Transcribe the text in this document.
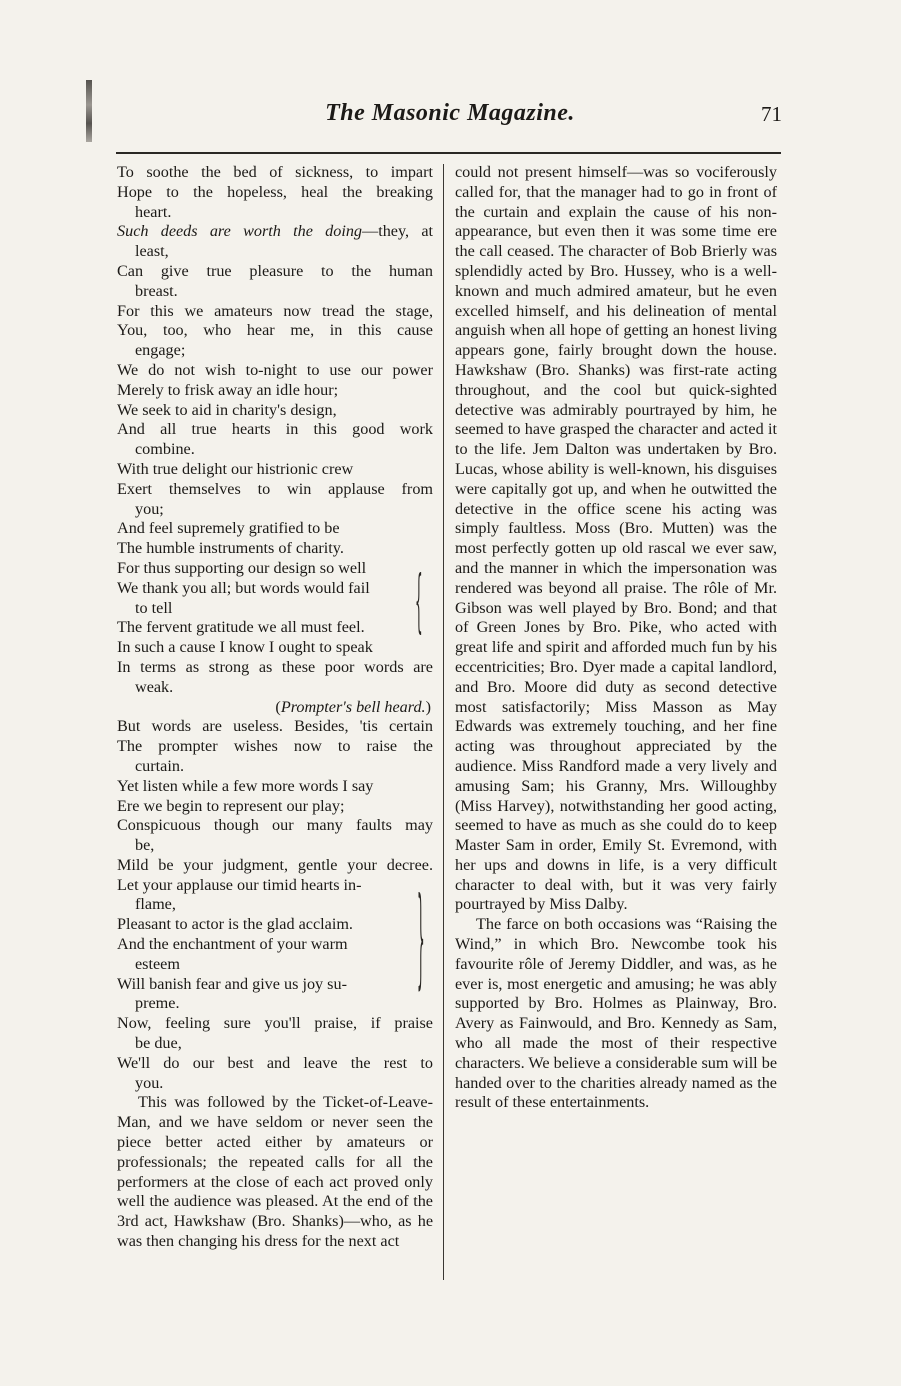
The Masonic Magazine.	71
To soothe the bed of sickness, to impart
Hope to the hopeless, heal the breaking
heart.
Such deeds are worth the doing—they, at
least,
Can give true pleasure to the human
breast.
For this we amateurs now tread the stage,
You, too, who hear me, in this cause
engage;
We do not wish to-night to use our power
Merely to frisk away an idle hour;
We seek to aid in charity's design,
And all true hearts in this good work
combine.
With true delight our histrionic crew
Exert themselves to win applause from
you;
And feel supremely gratified to be
The humble instruments of charity.
For thus supporting our design so well
We thank you all; but words would fail
to tell
The fervent gratitude we all must feel.
In such a cause I know I ought to speak
In terms as strong as these poor words are
weak.
(Prompter's bell heard.)
But words are useless. Besides, 'tis certain
The prompter wishes now to raise the
curtain.
Yet listen while a few more words I say
Ere we begin to represent our play;
Conspicuous though our many faults may
be,
Mild be your judgment, gentle your decree.
Let your applause our timid hearts in-
flame,
Pleasant to actor is the glad acclaim.
And the enchantment of your warm
esteem
Will banish fear and give us joy su-
preme.
Now, feeling sure you'll praise, if praise
be due,
We'll do our best and leave the rest to
you.

This was followed by the Ticket-of-Leave-Man, and we have seldom or never seen the piece better acted either by amateurs or professionals; the repeated calls for all the performers at the close of each act proved only well the audience was pleased. At the end of the 3rd act, Hawkshaw (Bro. Shanks)—who, as he was then changing his dress for the next act

{
}

could not present himself—was so vociferously called for, that the manager had to go in front of the curtain and explain the cause of his non-appearance, but even then it was some time ere the call ceased. The character of Bob Brierly was splendidly acted by Bro. Hussey, who is a well-known and much admired amateur, but he even excelled himself, and his delineation of mental anguish when all hope of getting an honest living appears gone, fairly brought down the house. Hawkshaw (Bro. Shanks) was first-rate acting throughout, and the cool but quick-sighted detective was admirably pourtrayed by him, he seemed to have grasped the character and acted it to the life. Jem Dalton was undertaken by Bro. Lucas, whose ability is well-known, his disguises were capitally got up, and when he outwitted the detective in the office scene his acting was simply faultless. Moss (Bro. Mutten) was the most perfectly gotten up old rascal we ever saw, and the manner in which the impersonation was rendered was beyond all praise. The rôle of Mr. Gibson was well played by Bro. Bond; and that of Green Jones by Bro. Pike, who acted with great life and spirit and afforded much fun by his eccentricities; Bro. Dyer made a capital landlord, and Bro. Moore did duty as second detective most satisfactorily; Miss Masson as May Edwards was extremely touching, and her fine acting was throughout appreciated by the audience. Miss Randford made a very lively and amusing Sam; his Granny, Mrs. Willoughby (Miss Harvey), notwithstanding her good acting, seemed to have as much as she could do to keep Master Sam in order, Emily St. Evremond, with her ups and downs in life, is a very difficult character to deal with, but it was very fairly pourtrayed by Miss Dalby.

The farce on both occasions was “Raising the Wind,” in which Bro. Newcombe took his favourite rôle of Jeremy Diddler, and was, as he ever is, most energetic and amusing; he was ably supported by Bro. Holmes as Plainway, Bro. Avery as Fainwould, and Bro. Kennedy as Sam, who all made the most of their respective characters. We believe a considerable sum will be handed over to the charities already named as the result of these entertainments.
